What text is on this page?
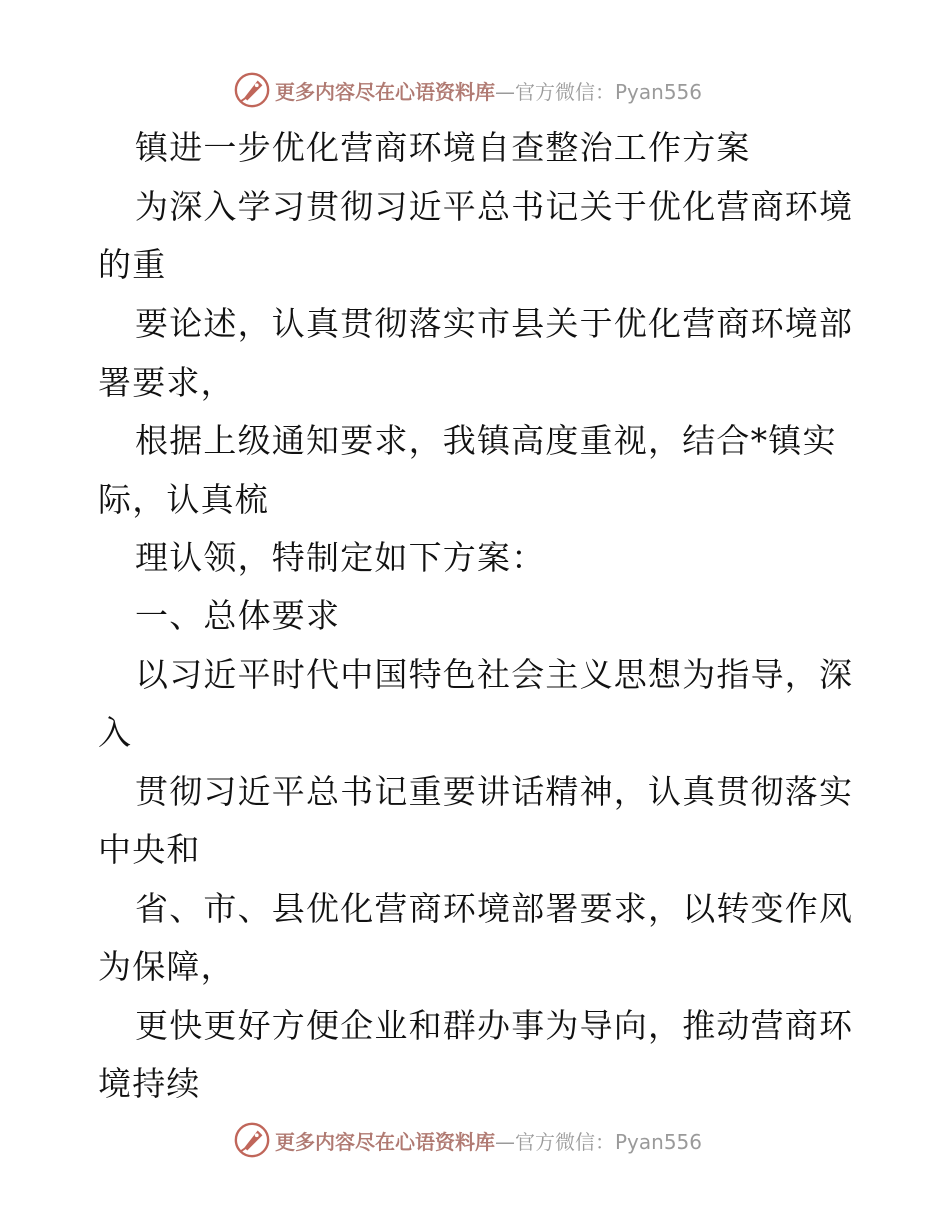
更多内容尽在心语资料库—官方微信：Pyan556
镇进一步优化营商环境自查整治工作方案
为深入学习贯彻习近平总书记关于优化营商环境
的重
要论述，认真贯彻落实市县关于优化营商环境部
署要求，
根据上级通知要求，我镇高度重视，结合*镇实
际，认真梳
理认领，特制定如下方案：
一、总体要求
以习近平时代中国特色社会主义思想为指导，深
入
贯彻习近平总书记重要讲话精神，认真贯彻落实
中央和
省、市、县优化营商环境部署要求，以转变作风
为保障，
更快更好方便企业和群办事为导向，推动营商环
境持续
更多内容尽在心语资料库—官方微信：Pyan556
